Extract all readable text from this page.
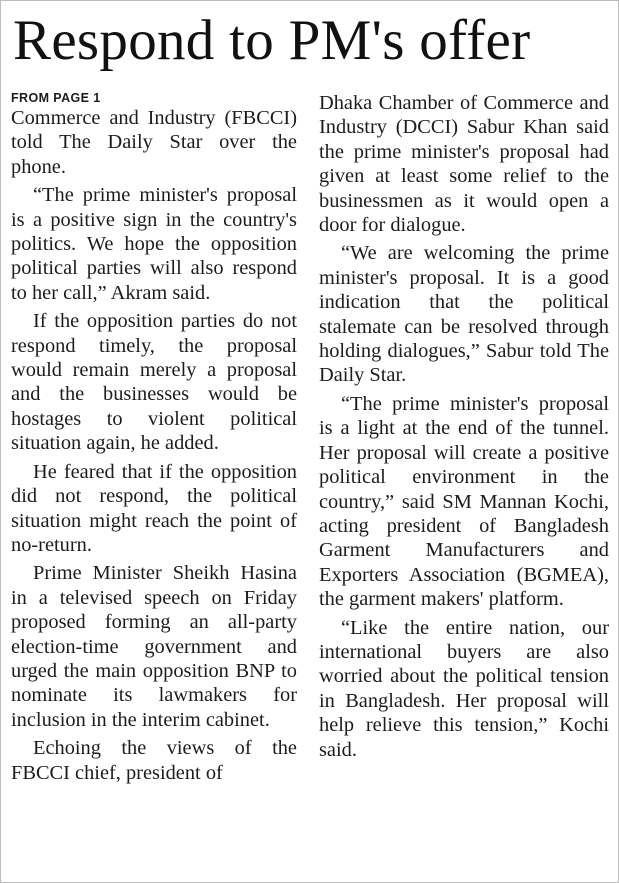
Respond to PM's offer
FROM PAGE 1

Commerce and Industry (FBCCI) told The Daily Star over the phone.

“The prime minister's proposal is a positive sign in the country's politics. We hope the opposition political parties will also respond to her call,” Akram said.

If the opposition parties do not respond timely, the proposal would remain merely a proposal and the businesses would be hostages to violent political situation again, he added.

He feared that if the opposition did not respond, the political situation might reach the point of no-return.

Prime Minister Sheikh Hasina in a televised speech on Friday proposed forming an all-party election-time government and urged the main opposition BNP to nominate its lawmakers for inclusion in the interim cabinet.

Echoing the views of the FBCCI chief, president of

Dhaka Chamber of Commerce and Industry (DCCI) Sabur Khan said the prime minister's proposal had given at least some relief to the businessmen as it would open a door for dialogue.

“We are welcoming the prime minister's proposal. It is a good indication that the political stalemate can be resolved through holding dialogues,” Sabur told The Daily Star.

“The prime minister's proposal is a light at the end of the tunnel. Her proposal will create a positive political environment in the country,” said SM Mannan Kochi, acting president of Bangladesh Garment Manufacturers and Exporters Association (BGMEA), the garment makers' platform.

“Like the entire nation, our international buyers are also worried about the political tension in Bangladesh. Her proposal will help relieve this tension,” Kochi said.
